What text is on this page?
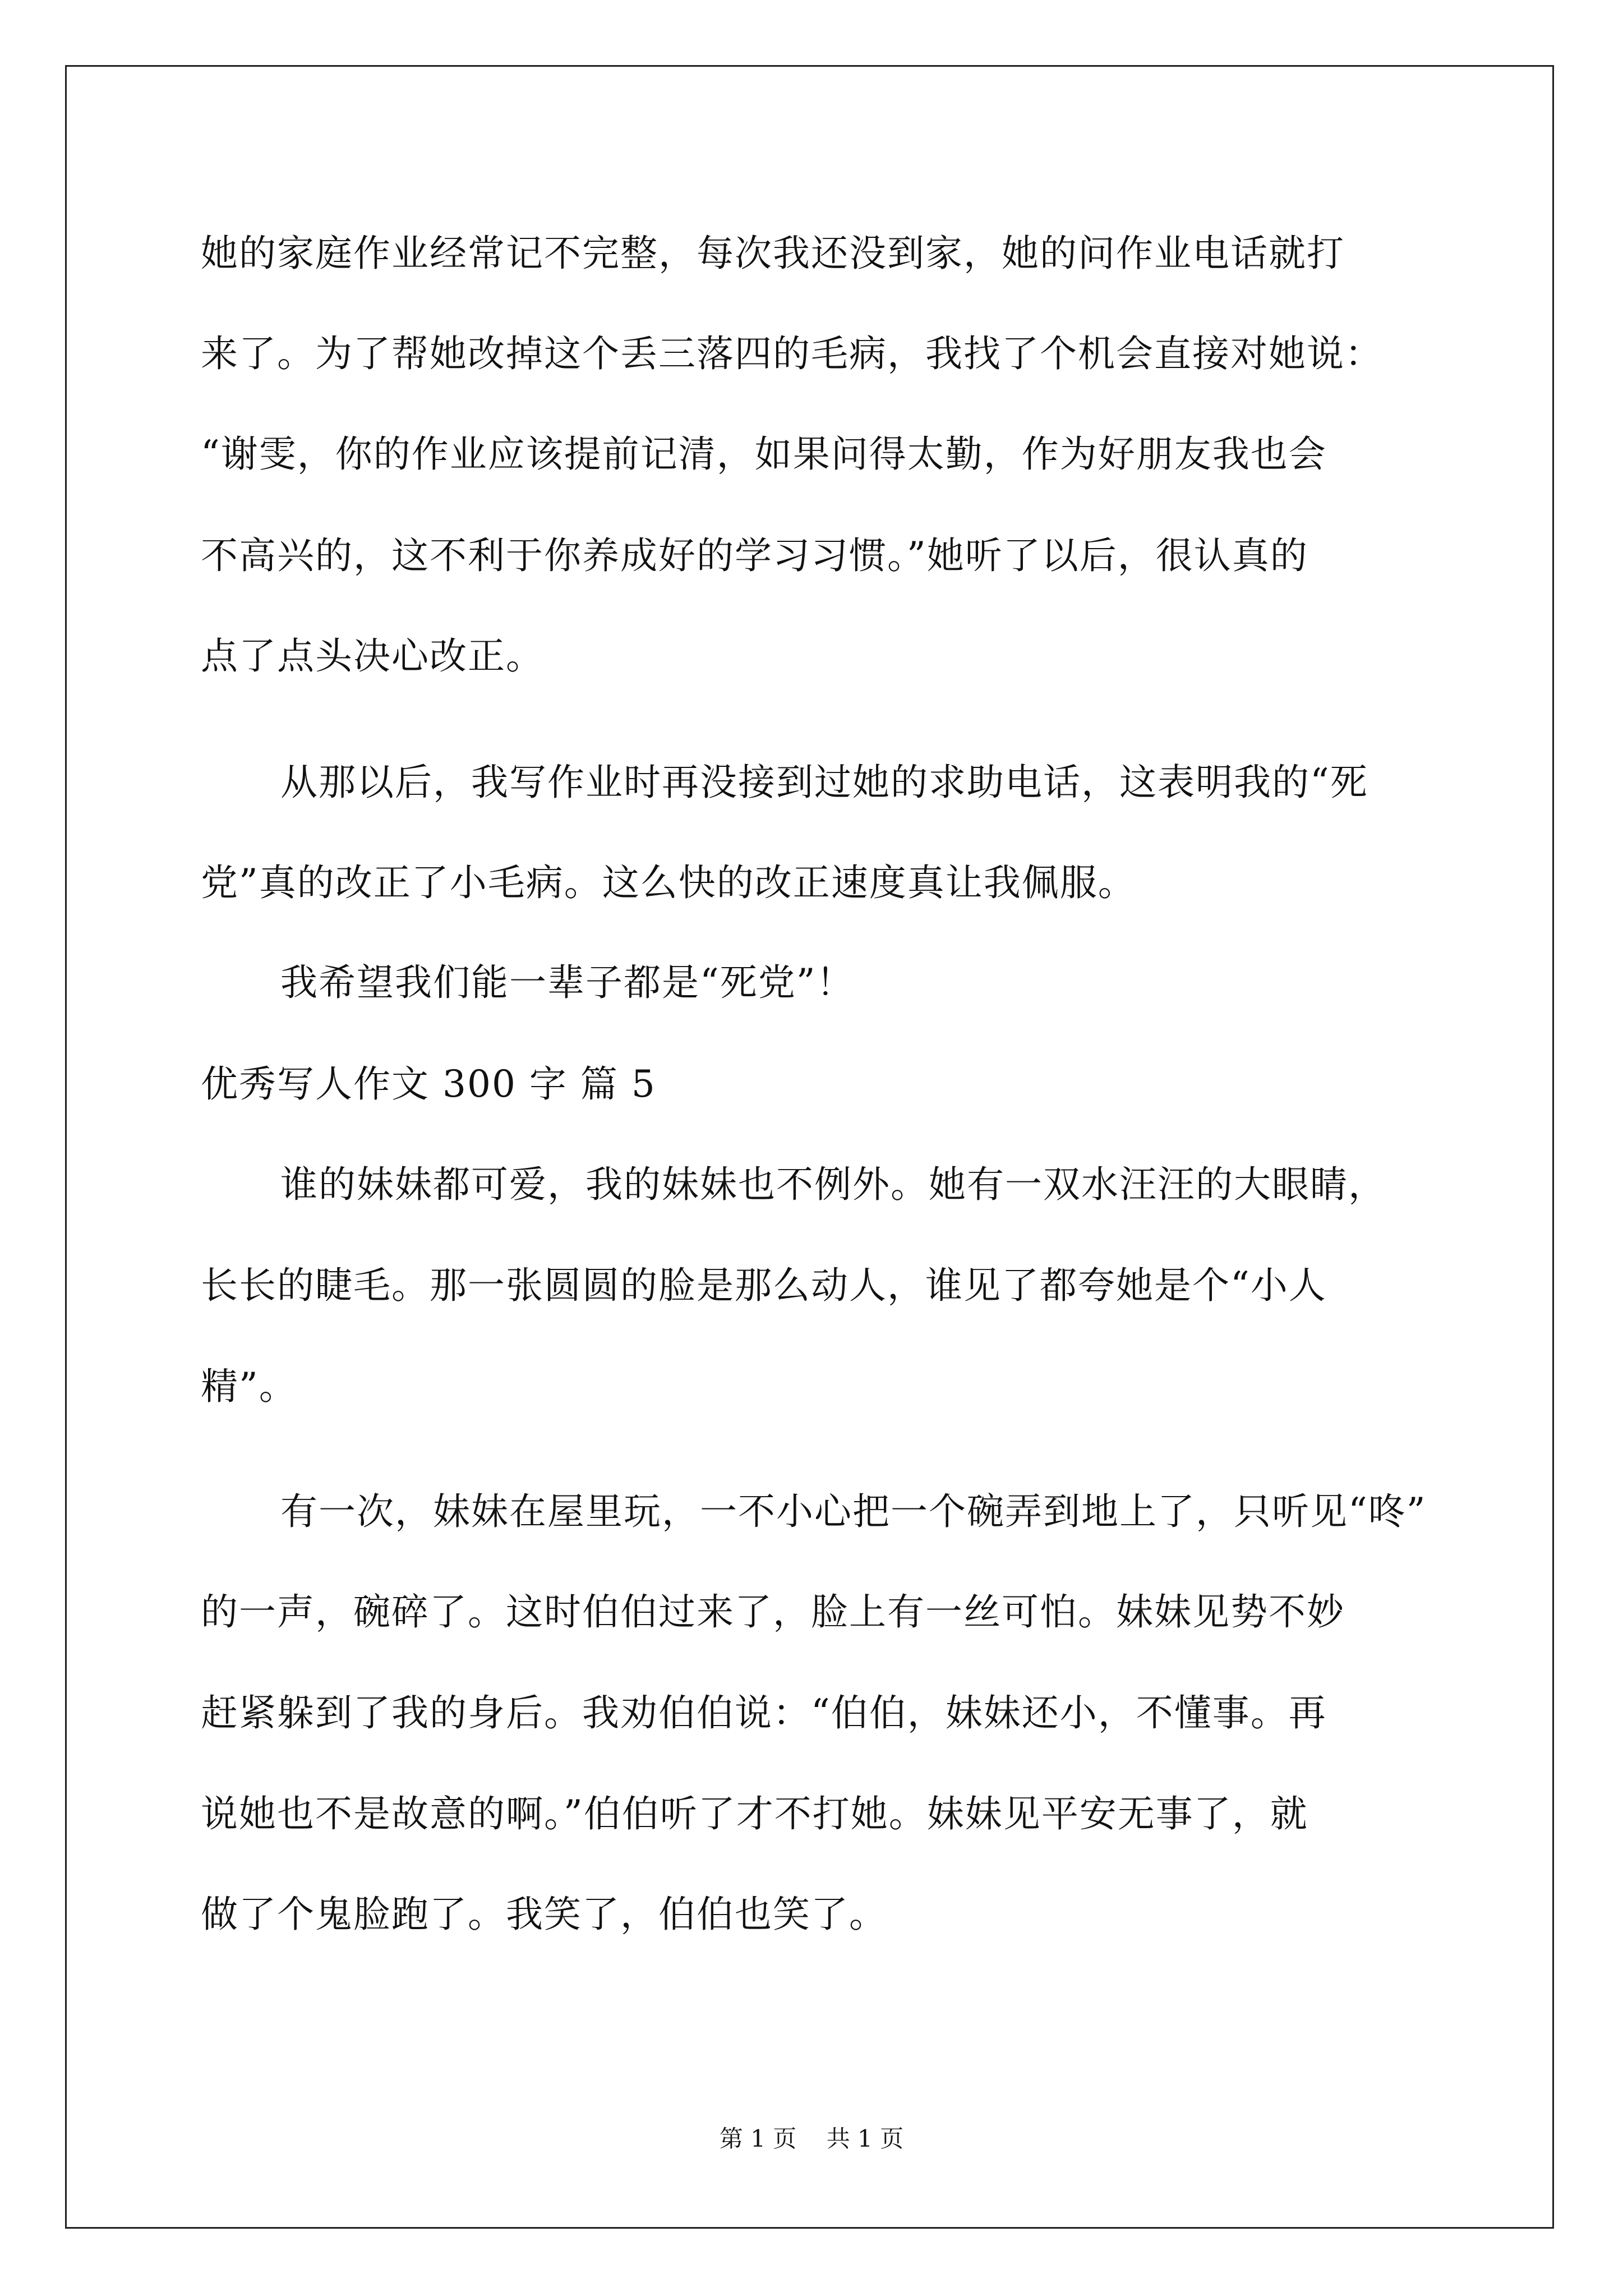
她的家庭作业经常记不完整，每次我还没到家，她的问作业电话就打
来了。为了帮她改掉这个丢三落四的毛病，我找了个机会直接对她说：
“谢雯，你的作业应该提前记清，如果问得太勤，作为好朋友我也会
不高兴的，这不利于你养成好的学习习惯。”她听了以后，很认真的
点了点头决心改正。
从那以后，我写作业时再没接到过她的求助电话，这表明我的“死
党”真的改正了小毛病。这么快的改正速度真让我佩服。
我希望我们能一辈子都是“死党”！
优秀写人作文 300 字 篇 5
谁的妹妹都可爱，我的妹妹也不例外。她有一双水汪汪的大眼睛，
长长的睫毛。那一张圆圆的脸是那么动人，谁见了都夸她是个“小人
精”。
有一次，妹妹在屋里玩，一不小心把一个碗弄到地上了，只听见“咚”
的一声，碗碎了。这时伯伯过来了，脸上有一丝可怕。妹妹见势不妙
赶紧躲到了我的身后。我劝伯伯说：“伯伯，妹妹还小，不懂事。再
说她也不是故意的啊。”伯伯听了才不打她。妹妹见平安无事了，就
做了个鬼脸跑了。我笑了，伯伯也笑了。
第 1 页    共 1 页
